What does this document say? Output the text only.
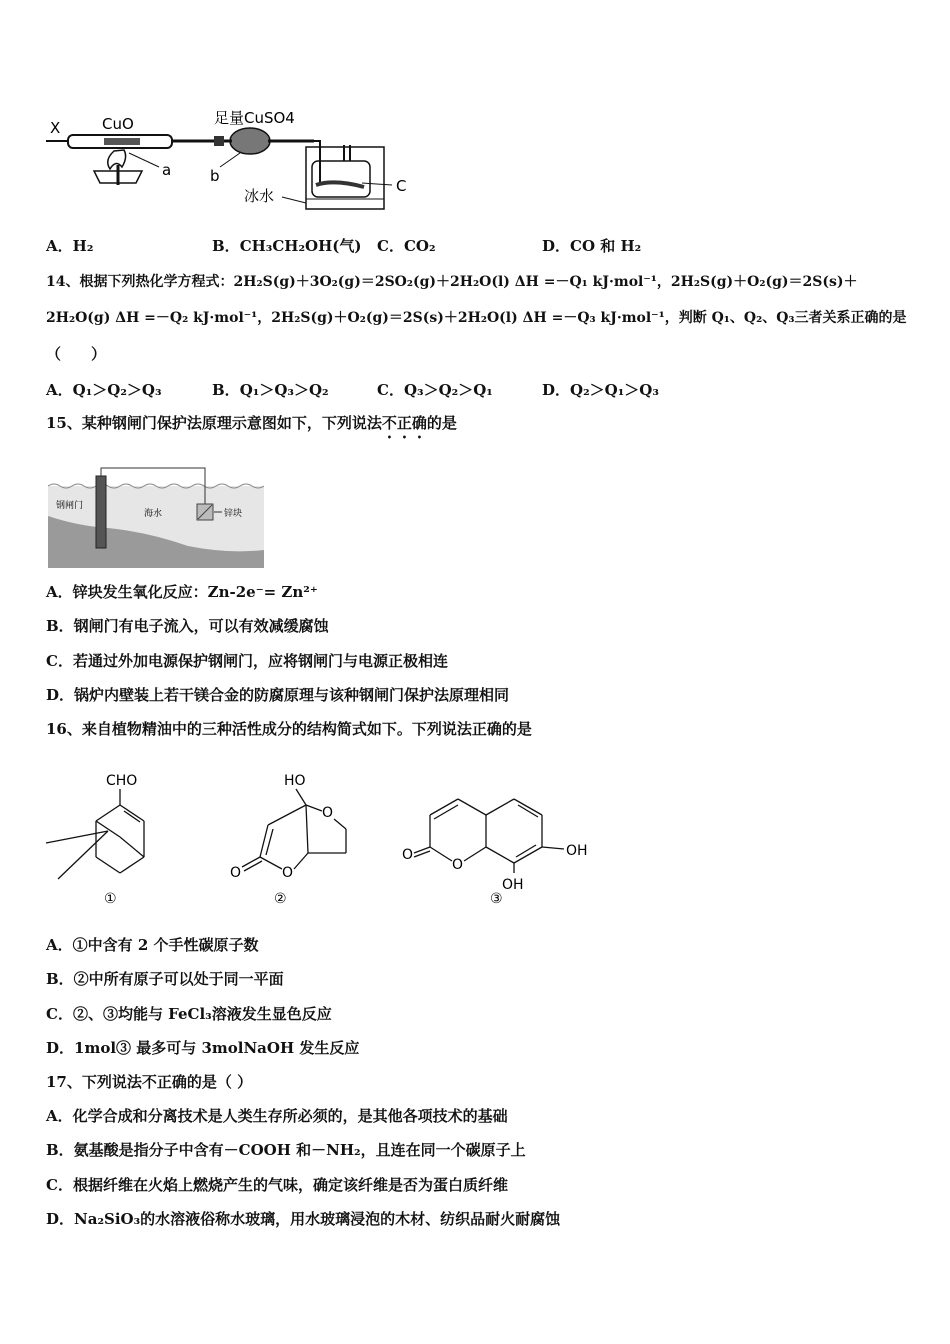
X	CuO
a
足量CuSO4
b
C
冰水
A．H₂	B．CH₃CH₂OH(气) C．CO₂	D．CO 和 H₂
14、根据下列热化学方程式：2H₂S(g)＋3O₂(g)＝2SO₂(g)＋2H₂O(l) ΔH =－Q₁ kJ·mol⁻¹，2H₂S(g)＋O₂(g)＝2S(s)＋
2H₂O(g) ΔH =－Q₂ kJ·mol⁻¹，2H₂S(g)＋O₂(g)＝2S(s)＋2H₂O(l) ΔH =－Q₃ kJ·mol⁻¹，判断 Q₁、Q₂、Q₃三者关系正确的是
（　　）
A．Q₁＞Q₂＞Q₃	B．Q₁＞Q₃＞Q₂	C．Q₃＞Q₂＞Q₁	D．Q₂＞Q₁＞Q₃
15、某种钢闸门保护法原理示意图如下，下列说法不正确的是
钢闸门
海水	锌块
A．锌块发生氧化反应：Zn-2e⁻= Zn²⁺
B．钢闸门有电子流入，可以有效减缓腐蚀
C．若通过外加电源保护钢闸门，应将钢闸门与电源正极相连
D．锅炉内壁装上若干镁合金的防腐原理与该种钢闸门保护法原理相同
16、来自植物精油中的三种活性成分的结构简式如下。下列说法正确的是
CHO
①
HO
O
O
O
②
O
O	OH
OH
③
A．①中含有 2 个手性碳原子数
B．②中所有原子可以处于同一平面
C．②、③均能与 FeCl₃溶液发生显色反应
D．1mol③ 最多可与 3molNaOH 发生反应
17、下列说法不正确的是（ ）
A．化学合成和分离技术是人类生存所必须的，是其他各项技术的基础
B．氨基酸是指分子中含有－COOH 和－NH₂，且连在同一个碳原子上
C．根据纤维在火焰上燃烧产生的气味，确定该纤维是否为蛋白质纤维
D．Na₂SiO₃的水溶液俗称水玻璃，用水玻璃浸泡的木材、纺织品耐火耐腐蚀
